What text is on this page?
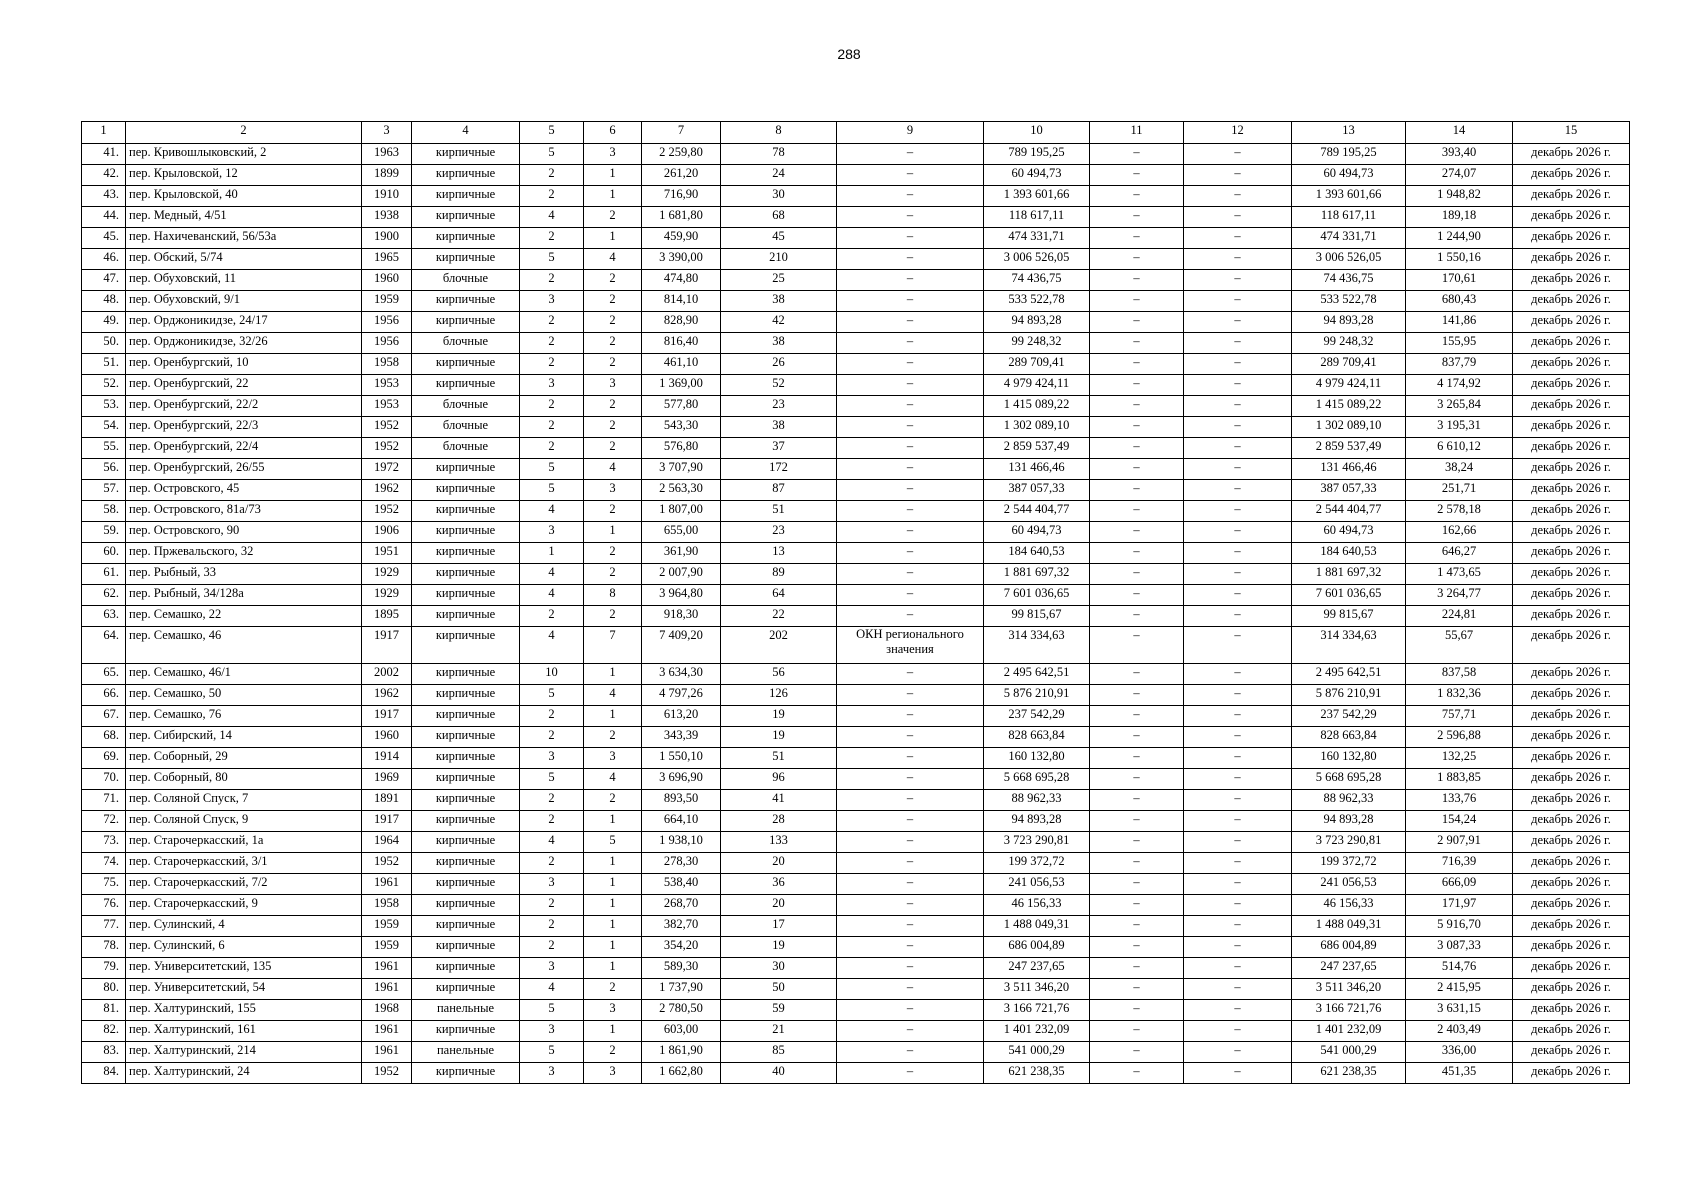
288
1	2	3	4	5	6	7	8	9	10	11	12	13	14	15
41.	пер. Кривошлыковский, 2	1963	кирпичные	5	3	2 259,80	78	–	789 195,25	–	–	789 195,25	393,40	декабрь 2026 г.
42.	пер. Крыловской, 12	1899	кирпичные	2	1	261,20	24	–	60 494,73	–	–	60 494,73	274,07	декабрь 2026 г.
43.	пер. Крыловской, 40	1910	кирпичные	2	1	716,90	30	–	1 393 601,66	–	–	1 393 601,66	1 948,82	декабрь 2026 г.
44.	пер. Медный, 4/51	1938	кирпичные	4	2	1 681,80	68	–	118 617,11	–	–	118 617,11	189,18	декабрь 2026 г.
45.	пер. Нахичеванский, 56/53а	1900	кирпичные	2	1	459,90	45	–	474 331,71	–	–	474 331,71	1 244,90	декабрь 2026 г.
46.	пер. Обский, 5/74	1965	кирпичные	5	4	3 390,00	210	–	3 006 526,05	–	–	3 006 526,05	1 550,16	декабрь 2026 г.
47.	пер. Обуховский, 11	1960	блочные	2	2	474,80	25	–	74 436,75	–	–	74 436,75	170,61	декабрь 2026 г.
48.	пер. Обуховский, 9/1	1959	кирпичные	3	2	814,10	38	–	533 522,78	–	–	533 522,78	680,43	декабрь 2026 г.
49.	пер. Орджоникидзе, 24/17	1956	кирпичные	2	2	828,90	42	–	94 893,28	–	–	94 893,28	141,86	декабрь 2026 г.
50.	пер. Орджоникидзе, 32/26	1956	блочные	2	2	816,40	38	–	99 248,32	–	–	99 248,32	155,95	декабрь 2026 г.
51.	пер. Оренбургский, 10	1958	кирпичные	2	2	461,10	26	–	289 709,41	–	–	289 709,41	837,79	декабрь 2026 г.
52.	пер. Оренбургский, 22	1953	кирпичные	3	3	1 369,00	52	–	4 979 424,11	–	–	4 979 424,11	4 174,92	декабрь 2026 г.
53.	пер. Оренбургский, 22/2	1953	блочные	2	2	577,80	23	–	1 415 089,22	–	–	1 415 089,22	3 265,84	декабрь 2026 г.
54.	пер. Оренбургский, 22/3	1952	блочные	2	2	543,30	38	–	1 302 089,10	–	–	1 302 089,10	3 195,31	декабрь 2026 г.
55.	пер. Оренбургский, 22/4	1952	блочные	2	2	576,80	37	–	2 859 537,49	–	–	2 859 537,49	6 610,12	декабрь 2026 г.
56.	пер. Оренбургский, 26/55	1972	кирпичные	5	4	3 707,90	172	–	131 466,46	–	–	131 466,46	38,24	декабрь 2026 г.
57.	пер. Островского, 45	1962	кирпичные	5	3	2 563,30	87	–	387 057,33	–	–	387 057,33	251,71	декабрь 2026 г.
58.	пер. Островского, 81а/73	1952	кирпичные	4	2	1 807,00	51	–	2 544 404,77	–	–	2 544 404,77	2 578,18	декабрь 2026 г.
59.	пер. Островского, 90	1906	кирпичные	3	1	655,00	23	–	60 494,73	–	–	60 494,73	162,66	декабрь 2026 г.
60.	пер. Пржевальского, 32	1951	кирпичные	1	2	361,90	13	–	184 640,53	–	–	184 640,53	646,27	декабрь 2026 г.
61.	пер. Рыбный, 33	1929	кирпичные	4	2	2 007,90	89	–	1 881 697,32	–	–	1 881 697,32	1 473,65	декабрь 2026 г.
62.	пер. Рыбный, 34/128а	1929	кирпичные	4	8	3 964,80	64	–	7 601 036,65	–	–	7 601 036,65	3 264,77	декабрь 2026 г.
63.	пер. Семашко, 22	1895	кирпичные	2	2	918,30	22	–	99 815,67	–	–	99 815,67	224,81	декабрь 2026 г.
64.	пер. Семашко, 46	1917	кирпичные	4	7	7 409,20	202	ОКН регионального значения	314 334,63	–	–	314 334,63	55,67	декабрь 2026 г.
65.	пер. Семашко, 46/1	2002	кирпичные	10	1	3 634,30	56	–	2 495 642,51	–	–	2 495 642,51	837,58	декабрь 2026 г.
66.	пер. Семашко, 50	1962	кирпичные	5	4	4 797,26	126	–	5 876 210,91	–	–	5 876 210,91	1 832,36	декабрь 2026 г.
67.	пер. Семашко, 76	1917	кирпичные	2	1	613,20	19	–	237 542,29	–	–	237 542,29	757,71	декабрь 2026 г.
68.	пер. Сибирский, 14	1960	кирпичные	2	2	343,39	19	–	828 663,84	–	–	828 663,84	2 596,88	декабрь 2026 г.
69.	пер. Соборный, 29	1914	кирпичные	3	3	1 550,10	51	–	160 132,80	–	–	160 132,80	132,25	декабрь 2026 г.
70.	пер. Соборный, 80	1969	кирпичные	5	4	3 696,90	96	–	5 668 695,28	–	–	5 668 695,28	1 883,85	декабрь 2026 г.
71.	пер. Соляной Спуск, 7	1891	кирпичные	2	2	893,50	41	–	88 962,33	–	–	88 962,33	133,76	декабрь 2026 г.
72.	пер. Соляной Спуск, 9	1917	кирпичные	2	1	664,10	28	–	94 893,28	–	–	94 893,28	154,24	декабрь 2026 г.
73.	пер. Старочеркасский, 1а	1964	кирпичные	4	5	1 938,10	133	–	3 723 290,81	–	–	3 723 290,81	2 907,91	декабрь 2026 г.
74.	пер. Старочеркасский, 3/1	1952	кирпичные	2	1	278,30	20	–	199 372,72	–	–	199 372,72	716,39	декабрь 2026 г.
75.	пер. Старочеркасский, 7/2	1961	кирпичные	3	1	538,40	36	–	241 056,53	–	–	241 056,53	666,09	декабрь 2026 г.
76.	пер. Старочеркасский, 9	1958	кирпичные	2	1	268,70	20	–	46 156,33	–	–	46 156,33	171,97	декабрь 2026 г.
77.	пер. Сулинский, 4	1959	кирпичные	2	1	382,70	17	–	1 488 049,31	–	–	1 488 049,31	5 916,70	декабрь 2026 г.
78.	пер. Сулинский, 6	1959	кирпичные	2	1	354,20	19	–	686 004,89	–	–	686 004,89	3 087,33	декабрь 2026 г.
79.	пер. Университетский, 135	1961	кирпичные	3	1	589,30	30	–	247 237,65	–	–	247 237,65	514,76	декабрь 2026 г.
80.	пер. Университетский, 54	1961	кирпичные	4	2	1 737,90	50	–	3 511 346,20	–	–	3 511 346,20	2 415,95	декабрь 2026 г.
81.	пер. Халтуринский, 155	1968	панельные	5	3	2 780,50	59	–	3 166 721,76	–	–	3 166 721,76	3 631,15	декабрь 2026 г.
82.	пер. Халтуринский, 161	1961	кирпичные	3	1	603,00	21	–	1 401 232,09	–	–	1 401 232,09	2 403,49	декабрь 2026 г.
83.	пер. Халтуринский, 214	1961	панельные	5	2	1 861,90	85	–	541 000,29	–	–	541 000,29	336,00	декабрь 2026 г.
84.	пер. Халтуринский, 24	1952	кирпичные	3	3	1 662,80	40	–	621 238,35	–	–	621 238,35	451,35	декабрь 2026 г.
